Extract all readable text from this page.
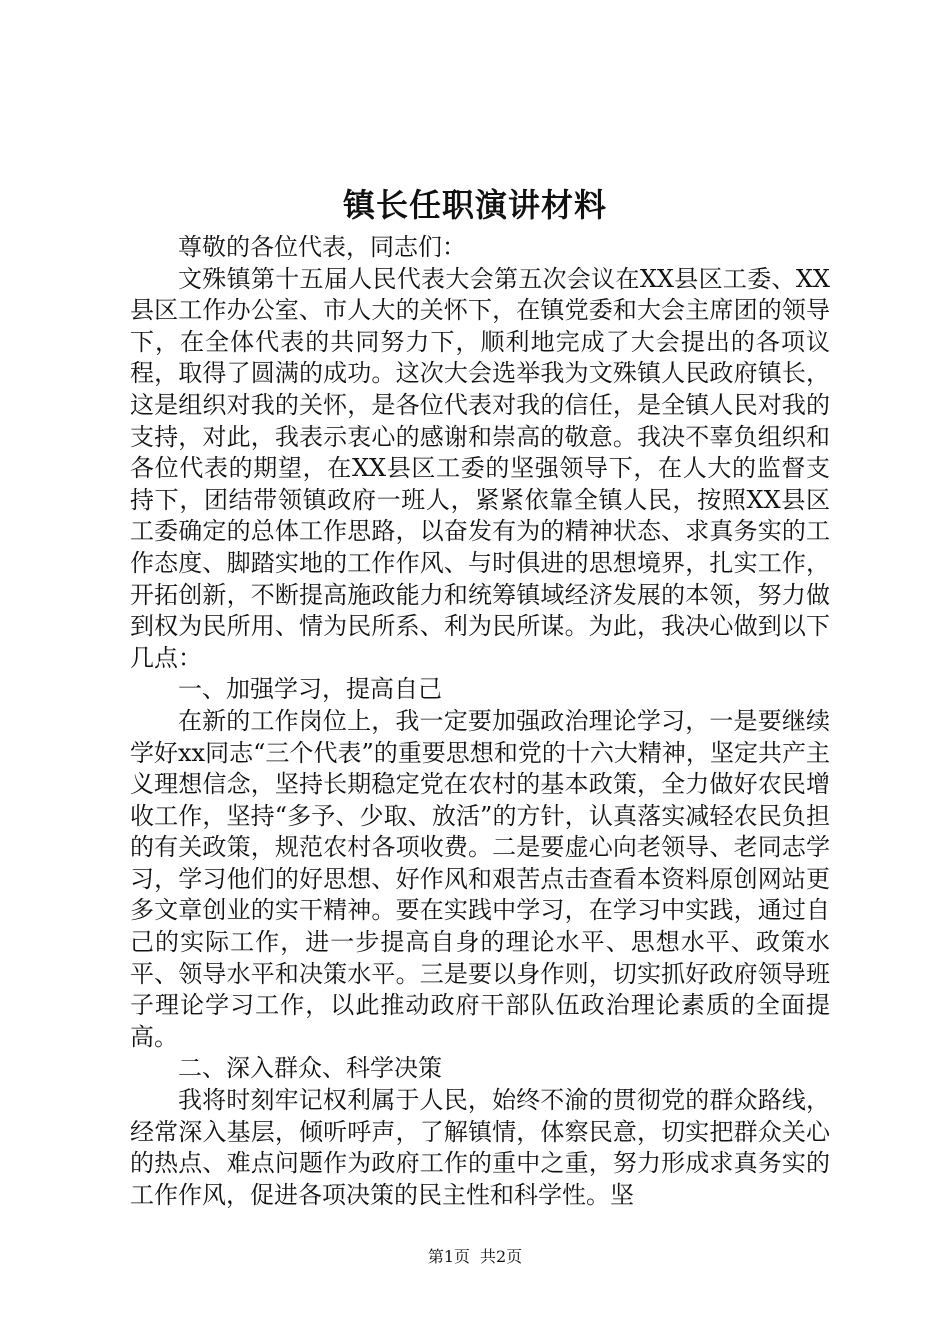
镇长任职演讲材料

尊敬的各位代表，同志们：

文殊镇第十五届人民代表大会第五次会议在XX县区工委、XX县区工作办公室、市人大的关怀下，在镇党委和大会主席团的领导下，在全体代表的共同努力下，顺利地完成了大会提出的各项议程，取得了圆满的成功。这次大会选举我为文殊镇人民政府镇长，这是组织对我的关怀，是各位代表对我的信任，是全镇人民对我的支持，对此，我表示衷心的感谢和崇高的敬意。我决不辜负组织和各位代表的期望，在XX县区工委的坚强领导下，在人大的监督支持下，团结带领镇政府一班人，紧紧依靠全镇人民，按照XX县区工委确定的总体工作思路，以奋发有为的精神状态、求真务实的工作态度、脚踏实地的工作作风、与时俱进的思想境界，扎实工作，开拓创新，不断提高施政能力和统筹镇域经济发展的本领，努力做到权为民所用、情为民所系、利为民所谋。为此，我决心做到以下几点：

一、加强学习，提高自己

在新的工作岗位上，我一定要加强政治理论学习，一是要继续学好xx同志“三个代表”的重要思想和党的十六大精神，坚定共产主义理想信念，坚持长期稳定党在农村的基本政策，全力做好农民增收工作，坚持“多予、少取、放活”的方针，认真落实减轻农民负担的有关政策，规范农村各项收费。二是要虚心向老领导、老同志学习，学习他们的好思想、好作风和艰苦点击查看本资料原创网站更多文章创业的实干精神。要在实践中学习，在学习中实践，通过自己的实际工作，进一步提高自身的理论水平、思想水平、政策水平、领导水平和决策水平。三是要以身作则，切实抓好政府领导班子理论学习工作，以此推动政府干部队伍政治理论素质的全面提高。

二、深入群众、科学决策

我将时刻牢记权利属于人民，始终不渝的贯彻党的群众路线，经常深入基层，倾听呼声，了解镇情，体察民意，切实把群众关心的热点、难点问题作为政府工作的重中之重，努力形成求真务实的工作作风，促进各项决策的民主性和科学性。坚

第1页 共2页
